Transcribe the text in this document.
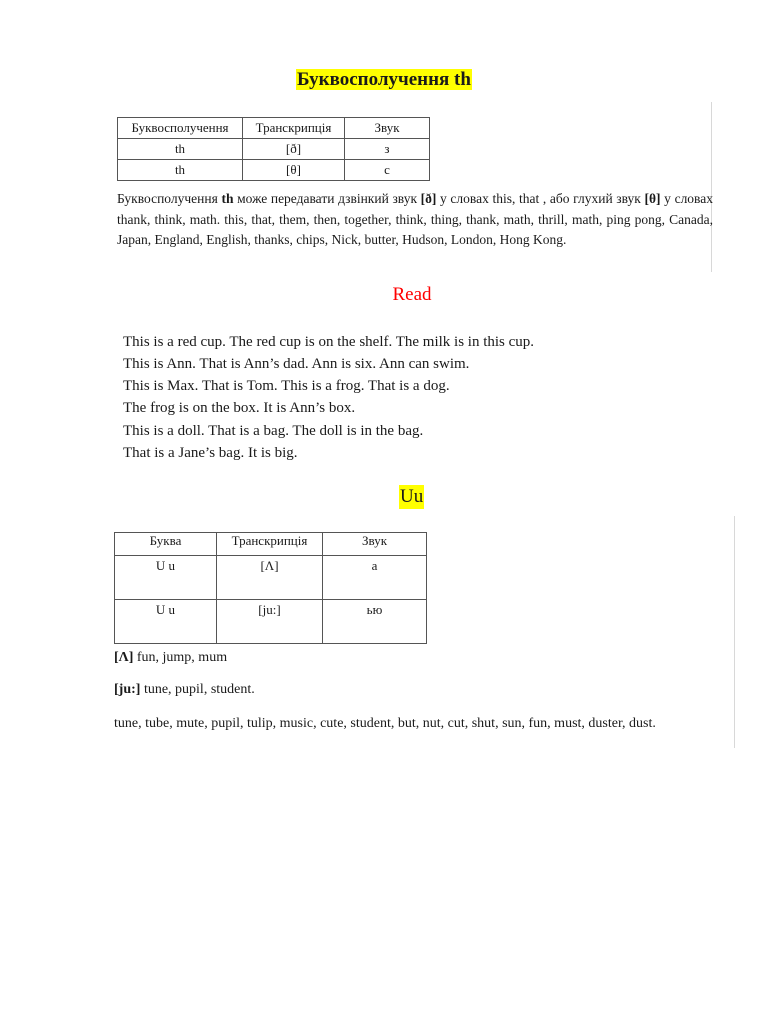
Буквосполучення th
Буквосполучення	Транскрипція	Звук
th	[ð]	з
th	[θ]	с

Буквосполучення th може передавати дзвінкий звук [ð] у словах this, that , або глухий звук [θ] у словах thank, think, math. this, that, them, then, together, think, thing, thank, math, thrill, math, ping pong, Canada, Japan, England, English, thanks, chips, Nick, butter, Hudson, London, Hong Kong.

Read
This is a red cup. The red cup is on the shelf. The milk is in this cup.
This is Ann. That is Ann’s dad. Ann is six. Ann can swim.
This is Max. That is Tom. This is a frog. That is a dog.
The frog is on the box. It is Ann’s box.
This is a doll. That is a bag. The doll is in the bag.
That is a Jane’s bag. It is big.
Uu
Буква	Транскрипція	Звук
U u	[Λ]	а
U u	[ju:]	ью
[Λ] fun, jump, mum
[ju:] tune, pupil, student.
tune, tube, mute, pupil, tulip, music, cute, student, but, nut, cut, shut, sun, fun, must, duster, dust.
